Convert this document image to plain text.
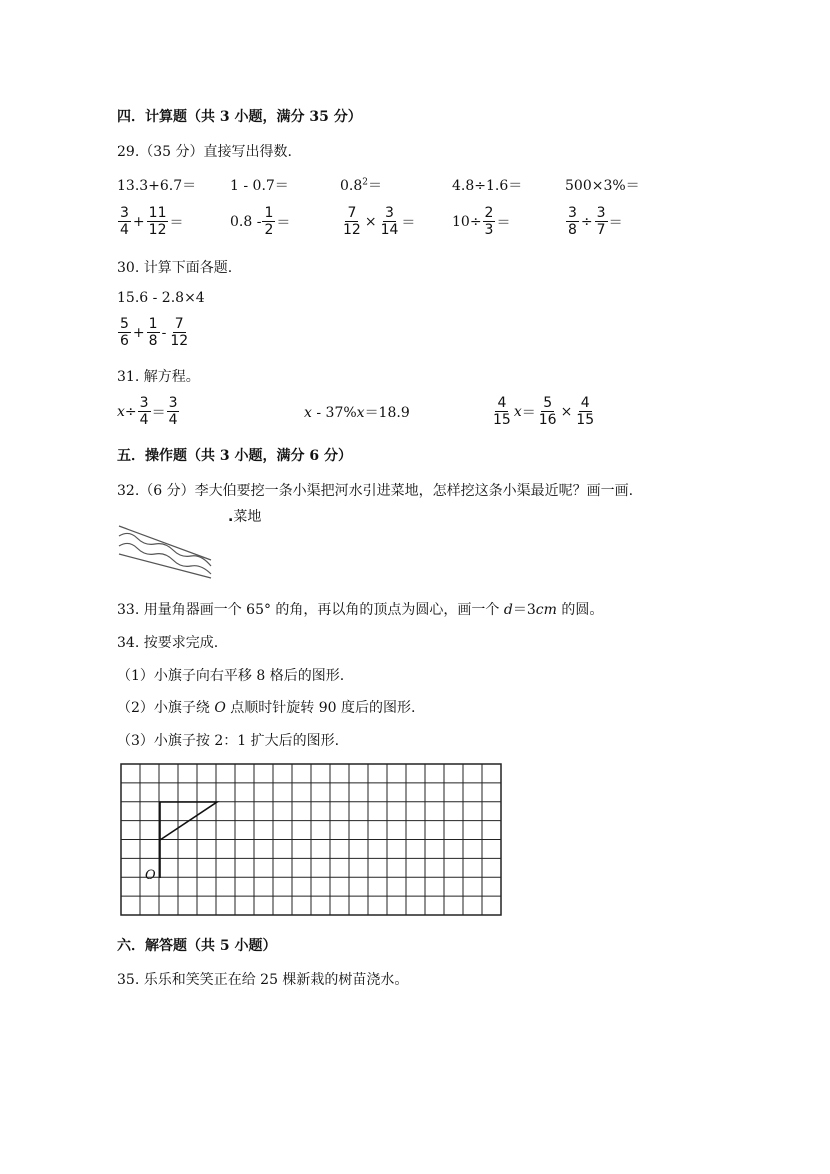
四．计算题（共 3 小题，满分 35 分）
29.（35 分）直接写出得数.
13.3+6.7＝ 1 - 0.7＝	$0.8^2=$	4.8÷1.6＝	500×3%＝
$\frac{3}{4} + \frac{11}{12}$ ＝	$0.8 - \frac{1}{2}$ ＝	$\frac{7}{12} \times \frac{3}{14}$ ＝	$10\div \frac{2}{3}$ ＝	$\frac{3}{8} \div \frac{3}{7}$ ＝
30. 计算下面各题.
15.6 - 2.8×4
$\frac{5}{6} + \frac{1}{8} - \frac{7}{12}$
31. 解方程。
$x \div \frac{3}{4} = \frac{3}{4}$	x - 37%x＝18.9	$\frac{4}{15}$ $x = \frac{5}{16} \times \frac{4}{15}$
五．操作题（共 3 小题，满分 6 分）
32.（6 分）李大伯要挖一条小渠把河水引进菜地，怎样挖这条小渠最近呢？画一画.
.菜地
33. 用量角器画一个 65° 的角，再以角的顶点为圆心，画一个 d＝3cm 的圆。
34. 按要求完成.
（1）小旗子向右平移 8 格后的图形.
（2）小旗子绕 O 点顺时针旋转 90 度后的图形.
（3）小旗子按 2：1 扩大后的图形.
O
六．解答题（共 5 小题）
35. 乐乐和笑笑正在给 25 棵新栽的树苗浇水。
